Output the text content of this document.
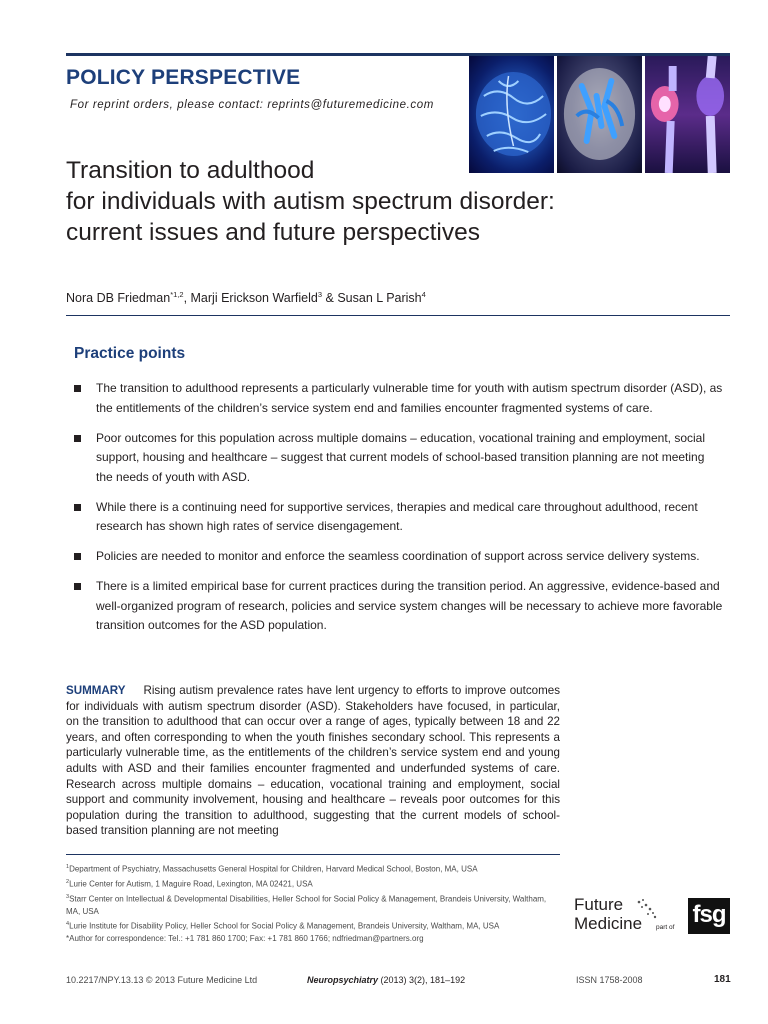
POLICY PERSPECTIVE
For reprint orders, please contact: reprints@futuremedicine.com
Transition to adulthood
for individuals with autism spectrum disorder:
current issues and future perspectives
Nora DB Friedman$^{*1,2}$, Marji Erickson Warfield$^3$ & Susan L Parish$^4$
Practice points
The transition to adulthood represents a particularly vulnerable time for youth with autism spectrum disorder (ASD), as the entitlements of the children’s service system end and families encounter fragmented systems of care.
Poor outcomes for this population across multiple domains – education, vocational training and employment, social support, housing and healthcare – suggest that current models of school-based transition planning are not meeting the needs of youth with ASD.
While there is a continuing need for supportive services, therapies and medical care throughout adulthood, recent research has shown high rates of service disengagement.
Policies are needed to monitor and enforce the seamless coordination of support across service delivery systems.
There is a limited empirical base for current practices during the transition period. An aggressive, evidence-based and well-organized program of research, policies and service system changes will be necessary to achieve more favorable transition outcomes for the ASD population.
SUMMARY Rising autism prevalence rates have lent urgency to efforts to improve outcomes for individuals with autism spectrum disorder (ASD). Stakeholders have focused, in particular, on the transition to adulthood that can occur over a range of ages, typically between 18 and 22 years, and often corresponding to when the youth finishes secondary school. This represents a particularly vulnerable time, as the entitlements of the children’s service system end and young adults with ASD and their families encounter fragmented and underfunded systems of care. Research across multiple domains – education, vocational training and employment, social support and community involvement, housing and healthcare – reveals poor outcomes for this population during the transition to adulthood, suggesting that the current models of school-based transition planning are not meeting
$^1$Department of Psychiatry, Massachusetts General Hospital for Children, Harvard Medical School, Boston, MA, USA
$^2$Lurie Center for Autism, 1 Maguire Road, Lexington, MA 02421, USA
$^3$Starr Center on Intellectual & Developmental Disabilities, Heller School for Social Policy & Management, Brandeis University, Waltham, MA, USA
$^4$Lurie Institute for Disability Policy, Heller School for Social Policy & Management, Brandeis University, Waltham, MA, USA
*Author for correspondence: Tel.: +1 781 860 1700; Fax: +1 781 860 1766; ndfriedman@partners.org
Future
Medicine part of fsg
10.2217/NPY.13.13 © 2013 Future Medicine Ltd	Neuropsychiatry (2013) 3(2), 181–192	ISSN 1758-2008	181
